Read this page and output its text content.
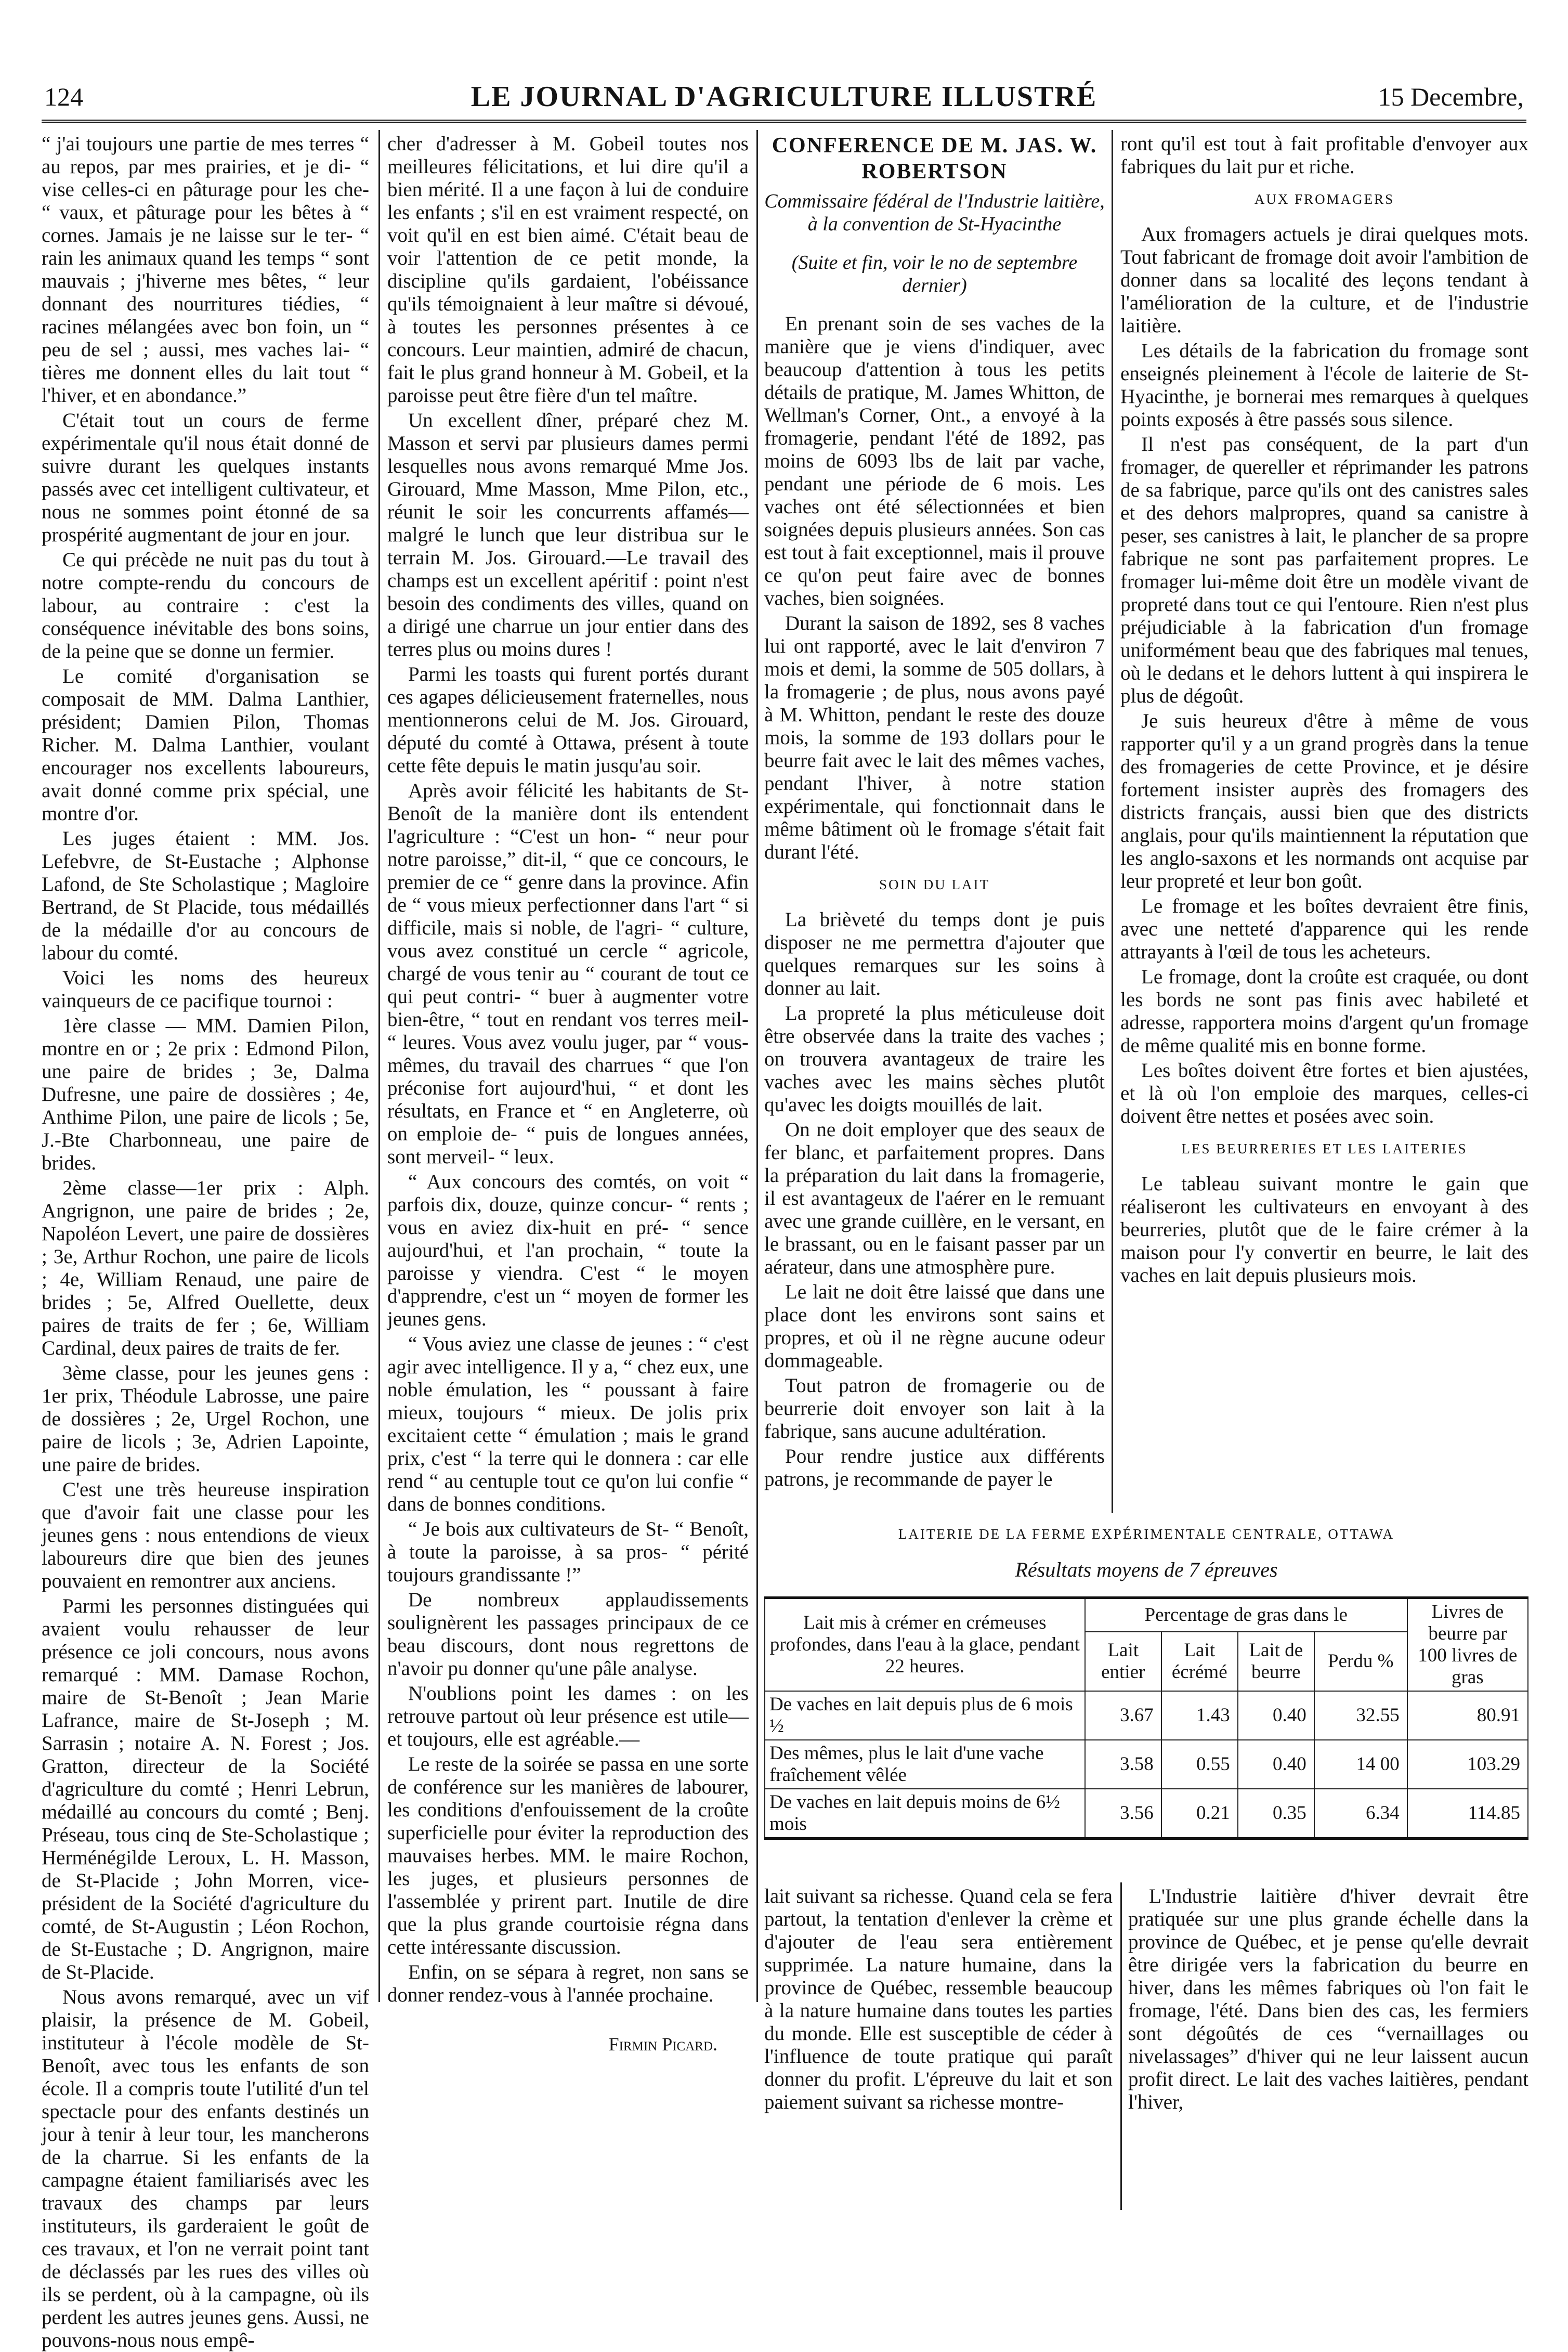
124	LE JOURNAL D'AGRICULTURE ILLUSTRÉ	15 Decembre,

“ j'ai toujours une partie de mes terres “ au repos, par mes prairies, et je di- “ vise celles-ci en pâturage pour les che- “ vaux, et pâturage pour les bêtes à “ cornes. Jamais je ne laisse sur le ter- “ rain les animaux quand les temps “ sont mauvais ; j'hiverne mes bêtes, “ leur donnant des nourritures tiédies, “ racines mélangées avec bon foin, un “ peu de sel ; aussi, mes vaches lai- “ tières me donnent elles du lait tout “ l'hiver, et en abondance.”

C'était tout un cours de ferme expérimentale qu'il nous était donné de suivre durant les quelques instants passés avec cet intelligent cultivateur, et nous ne sommes point étonné de sa prospérité augmentant de jour en jour.

Ce qui précède ne nuit pas du tout à notre compte-rendu du concours de labour, au contraire : c'est la conséquence inévitable des bons soins, de la peine que se donne un fermier.

Le comité d'organisation se composait de MM. Dalma Lanthier, président; Damien Pilon, Thomas Richer. M. Dalma Lanthier, voulant encourager nos excellents laboureurs, avait donné comme prix spécial, une montre d'or.

Les juges étaient : MM. Jos. Lefebvre, de St-Eustache ; Alphonse Lafond, de Ste Scholastique ; Magloire Bertrand, de St Placide, tous médaillés de la médaille d'or au concours de labour du comté.

Voici les noms des heureux vainqueurs de ce pacifique tournoi :

1ère classe — MM. Damien Pilon, montre en or ; 2e prix : Edmond Pilon, une paire de brides ; 3e, Dalma Dufresne, une paire de dossières ; 4e, Anthime Pilon, une paire de licols ; 5e, J.-Bte Charbonneau, une paire de brides.

2ème classe—1er prix : Alph. Angrignon, une paire de brides ; 2e, Napoléon Levert, une paire de dossières ; 3e, Arthur Rochon, une paire de licols ; 4e, William Renaud, une paire de brides ; 5e, Alfred Ouellette, deux paires de traits de fer ; 6e, William Cardinal, deux paires de traits de fer.

3ème classe, pour les jeunes gens : 1er prix, Théodule Labrosse, une paire de dossières ; 2e, Urgel Rochon, une paire de licols ; 3e, Adrien Lapointe, une paire de brides.

C'est une très heureuse inspiration que d'avoir fait une classe pour les jeunes gens : nous entendions de vieux laboureurs dire que bien des jeunes pouvaient en remontrer aux anciens.

Parmi les personnes distinguées qui avaient voulu rehausser de leur présence ce joli concours, nous avons remarqué : MM. Damase Rochon, maire de St-Benoît ; Jean Marie Lafrance, maire de St-Joseph ; M. Sarrasin ; notaire A. N. Forest ; Jos. Gratton, directeur de la Société d'agriculture du comté ; Henri Lebrun, médaillé au concours du comté ; Benj. Préseau, tous cinq de Ste-Scholastique ; Herménégilde Leroux, L. H. Masson, de St-Placide ; John Morren, vice-président de la Société d'agriculture du comté, de St-Augustin ; Léon Rochon, de St-Eustache ; D. Angrignon, maire de St-Placide.

Nous avons remarqué, avec un vif plaisir, la présence de M. Gobeil, instituteur à l'école modèle de St-Benoît, avec tous les enfants de son école. Il a compris toute l'utilité d'un tel spectacle pour des enfants destinés un jour à tenir à leur tour, les mancherons de la charrue. Si les enfants de la campagne étaient familiarisés avec les travaux des champs par leurs instituteurs, ils garderaient le goût de ces travaux, et l'on ne verrait point tant de déclassés par les rues des villes où ils se perdent, où à la campagne, où ils perdent les autres jeunes gens. Aussi, ne pouvons-nous nous empê-

cher d'adresser à M. Gobeil toutes nos meilleures félicitations, et lui dire qu'il a bien mérité. Il a une façon à lui de conduire les enfants ; s'il en est vraiment respecté, on voit qu'il en est bien aimé. C'était beau de voir l'attention de ce petit monde, la discipline qu'ils gardaient, l'obéissance qu'ils témoignaient à leur maître si dévoué, à toutes les personnes présentes à ce concours. Leur maintien, admiré de chacun, fait le plus grand honneur à M. Gobeil, et la paroisse peut être fière d'un tel maître.

Un excellent dîner, préparé chez M. Masson et servi par plusieurs dames permi lesquelles nous avons remarqué Mme Jos. Girouard, Mme Masson, Mme Pilon, etc., réunit le soir les concurrents affamés—malgré le lunch que leur distribua sur le terrain M. Jos. Girouard.—Le travail des champs est un excellent apéritif : point n'est besoin des condiments des villes, quand on a dirigé une charrue un jour entier dans des terres plus ou moins dures !

Parmi les toasts qui furent portés durant ces agapes délicieusement fraternelles, nous mentionnerons celui de M. Jos. Girouard, député du comté à Ottawa, présent à toute cette fête depuis le matin jusqu'au soir.

Après avoir félicité les habitants de St-Benoît de la manière dont ils entendent l'agriculture : “C'est un hon- “ neur pour notre paroisse,” dit-il, “ que ce concours, le premier de ce “ genre dans la province. Afin de “ vous mieux perfectionner dans l'art “ si difficile, mais si noble, de l'agri- “ culture, vous avez constitué un cercle “ agricole, chargé de vous tenir au “ courant de tout ce qui peut contri- “ buer à augmenter votre bien-être, “ tout en rendant vos terres meil- “ leures. Vous avez voulu juger, par “ vous-mêmes, du travail des charrues “ que l'on préconise fort aujourd'hui, “ et dont les résultats, en France et “ en Angleterre, où on emploie de- “ puis de longues années, sont merveil- “ leux.

“ Aux concours des comtés, on voit “ parfois dix, douze, quinze concur- “ rents ; vous en aviez dix-huit en pré- “ sence aujourd'hui, et l'an prochain, “ toute la paroisse y viendra. C'est “ le moyen d'apprendre, c'est un “ moyen de former les jeunes gens.

“ Vous aviez une classe de jeunes : “ c'est agir avec intelligence. Il y a, “ chez eux, une noble émulation, les “ poussant à faire mieux, toujours “ mieux. De jolis prix excitaient cette “ émulation ; mais le grand prix, c'est “ la terre qui le donnera : car elle rend “ au centuple tout ce qu'on lui confie “ dans de bonnes conditions.

“ Je bois aux cultivateurs de St- “ Benoît, à toute la paroisse, à sa pros- “ périté toujours grandissante !”

De nombreux applaudissements soulignèrent les passages principaux de ce beau discours, dont nous regrettons de n'avoir pu donner qu'une pâle analyse.

N'oublions point les dames : on les retrouve partout où leur présence est utile—et toujours, elle est agréable.—

Le reste de la soirée se passa en une sorte de conférence sur les manières de labourer, les conditions d'enfouissement de la croûte superficielle pour éviter la reproduction des mauvaises herbes. MM. le maire Rochon, les juges, et plusieurs personnes de l'assemblée y prirent part. Inutile de dire que la plus grande courtoisie régna dans cette intéressante discussion.

Enfin, on se sépara à regret, non sans se donner rendez-vous à l'année prochaine.

Firmin Picard.
CONFERENCE DE M. JAS. W. ROBERTSON
Commissaire fédéral de l'Industrie laitière, à la convention de St-Hyacinthe
(Suite et fin, voir le no de septembre dernier)

En prenant soin de ses vaches de la manière que je viens d'indiquer, avec beaucoup d'attention à tous les petits détails de pratique, M. James Whitton, de Wellman's Corner, Ont., a envoyé à la fromagerie, pendant l'été de 1892, pas moins de 6093 lbs de lait par vache, pendant une période de 6 mois. Les vaches ont été sélectionnées et bien soignées depuis plusieurs années. Son cas est tout à fait exceptionnel, mais il prouve ce qu'on peut faire avec de bonnes vaches, bien soignées.

Durant la saison de 1892, ses 8 vaches lui ont rapporté, avec le lait d'environ 7 mois et demi, la somme de 505 dollars, à la fromagerie ; de plus, nous avons payé à M. Whitton, pendant le reste des douze mois, la somme de 193 dollars pour le beurre fait avec le lait des mêmes vaches, pendant l'hiver, à notre station expérimentale, qui fonctionnait dans le même bâtiment où le fromage s'était fait durant l'été.

SOIN DU LAIT

La brièveté du temps dont je puis disposer ne me permettra d'ajouter que quelques remarques sur les soins à donner au lait.

La propreté la plus méticuleuse doit être observée dans la traite des vaches ; on trouvera avantageux de traire les vaches avec les mains sèches plutôt qu'avec les doigts mouillés de lait.

On ne doit employer que des seaux de fer blanc, et parfaitement propres. Dans la préparation du lait dans la fromagerie, il est avantageux de l'aérer en le remuant avec une grande cuillère, en le versant, en le brassant, ou en le faisant passer par un aérateur, dans une atmosphère pure.

Le lait ne doit être laissé que dans une place dont les environs sont sains et propres, et où il ne règne aucune odeur dommageable.

Tout patron de fromagerie ou de beurrerie doit envoyer son lait à la fabrique, sans aucune adultération.

Pour rendre justice aux différents patrons, je recommande de payer le

ront qu'il est tout à fait profitable d'envoyer aux fabriques du lait pur et riche.

AUX FROMAGERS

Aux fromagers actuels je dirai quelques mots. Tout fabricant de fromage doit avoir l'ambition de donner dans sa localité des leçons tendant à l'amélioration de la culture, et de l'industrie laitière.

Les détails de la fabrication du fromage sont enseignés pleinement à l'école de laiterie de St-Hyacinthe, je bornerai mes remarques à quelques points exposés à être passés sous silence.

Il n'est pas conséquent, de la part d'un fromager, de quereller et réprimander les patrons de sa fabrique, parce qu'ils ont des canistres sales et des dehors malpropres, quand sa canistre à peser, ses canistres à lait, le plancher de sa propre fabrique ne sont pas parfaitement propres. Le fromager lui-même doit être un modèle vivant de propreté dans tout ce qui l'entoure. Rien n'est plus préjudiciable à la fabrication d'un fromage uniformément beau que des fabriques mal tenues, où le dedans et le dehors luttent à qui inspirera le plus de dégoût.

Je suis heureux d'être à même de vous rapporter qu'il y a un grand progrès dans la tenue des fromageries de cette Province, et je désire fortement insister auprès des fromagers des districts français, aussi bien que des districts anglais, pour qu'ils maintiennent la réputation que les anglo-saxons et les normands ont acquise par leur propreté et leur bon goût.

Le fromage et les boîtes devraient être finis, avec une netteté d'apparence qui les rende attrayants à l'œil de tous les acheteurs.

Le fromage, dont la croûte est craquée, ou dont les bords ne sont pas finis avec habileté et adresse, rapportera moins d'argent qu'un fromage de même qualité mis en bonne forme.

Les boîtes doivent être fortes et bien ajustées, et là où l'on emploie des marques, celles-ci doivent être nettes et posées avec soin.

LES BEURRERIES ET LES LAITERIES

Le tableau suivant montre le gain que réaliseront les cultivateurs en envoyant à des beurreries, plutôt que de le faire crémer à la maison pour l'y convertir en beurre, le lait des vaches en lait depuis plusieurs mois.

LAITERIE DE LA FERME EXPÉRIMENTALE CENTRALE, OTTAWA
Résultats moyens de 7 épreuves
Lait mis à crémer en crémeuses profondes, dans l'eau à la glace, pendant 22 heures.	Percentage de gras dans le				Livres de beurre par 100 livres de gras
	Lait entier	Lait écrémé	Lait de beurre	Perdu %	
De vaches en lait depuis plus de 6 mois ½	3.67	1.43	0.40	32.55	80.91
Des mêmes, plus le lait d'une vache fraîchement vêlée	3.58	0.55	0.40	14 00	103.29
De vaches en lait depuis moins de 6½ mois	3.56	0.21	0.35	6.34	114.85

lait suivant sa richesse. Quand cela se fera partout, la tentation d'enlever la crème et d'ajouter de l'eau sera entièrement supprimée. La nature humaine, dans la province de Québec, ressemble beaucoup à la nature humaine dans toutes les parties du monde. Elle est susceptible de céder à l'influence de toute pratique qui paraît donner du profit. L'épreuve du lait et son paiement suivant sa richesse montre-

L'Industrie laitière d'hiver devrait être pratiquée sur une plus grande échelle dans la province de Québec, et je pense qu'elle devrait être dirigée vers la fabrication du beurre en hiver, dans les mêmes fabriques où l'on fait le fromage, l'été. Dans bien des cas, les fermiers sont dégoûtés de ces “vernaillages ou nivelassages” d'hiver qui ne leur laissent aucun profit direct. Le lait des vaches laitières, pendant l'hiver,
